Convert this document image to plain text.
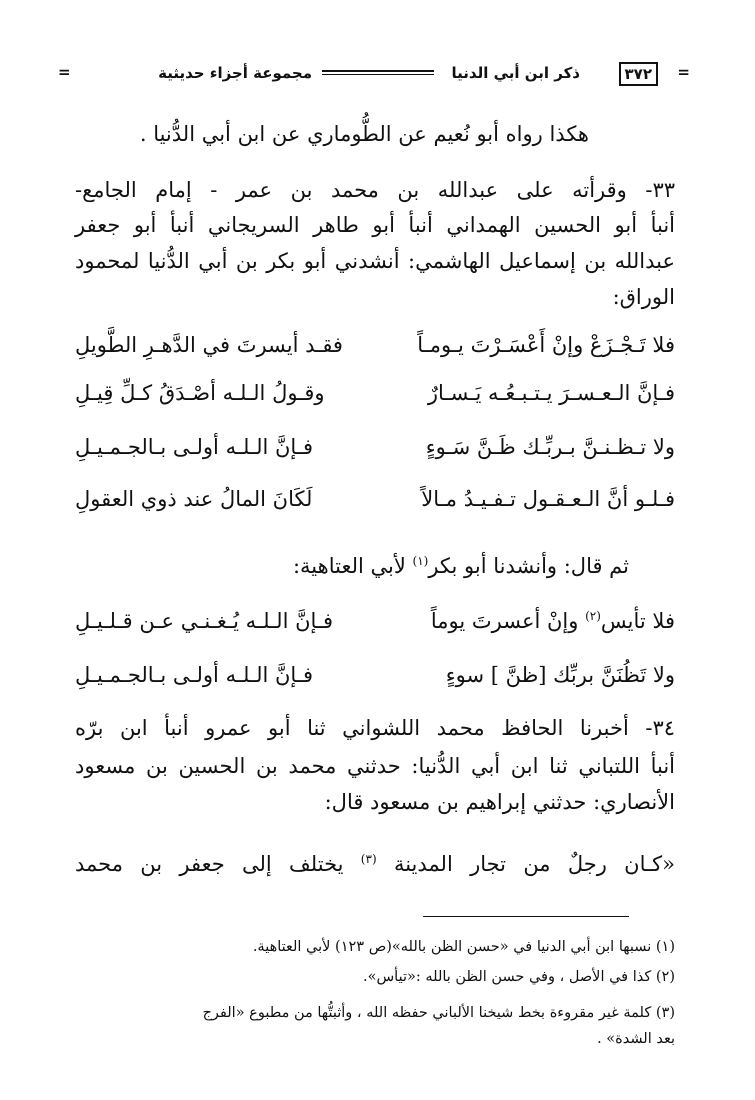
=
٣٧٢
ذكر ابن أبي الدنيا
مجموعة أجزاء حديثية
=
هكذا رواه أبو نُعيم عن الطُّوماري عن ابن أبي الدُّنيا .
٣٣- وقرأته على عبدالله بن محمد بن عمر - إمام الجامع-
أنبأ أبو الحسين الهمداني أنبأ أبو طاهر السريجاني أنبأ أبو جعفر
عبدالله بن إسماعيل الهاشمي: أنشدني أبو بكر بن أبي الدُّنيا لمحمود
الوراق:
فلا تَـجْـزَعْ وإنْ أَعْسَـرْتَ يـومـاً
فقـد أيسرتَ في الدَّهـرِ الطَّويلِ
فـإنَّ الـعـسـرَ يـتـبـعُـه يَـسـارٌ
وقـولُ الـلـه أصْـدَقُ كـلِّ قِيـلِ
ولا تـظـنـنَّ بـربِّـك ظَـنَّ سَـوءٍ
فـإنَّ الـلـه أولـى بـالجـمـيـلِ
فـلـو أنَّ الـعـقـول تـفـيـدُ مـالاً
لَكَانَ المالُ عند ذوي العقولِ
ثم قال: وأنشدنا أبو بكر$^{(١)}$ لأبي العتاهية:
فلا تأيس$^{(٢)}$ وإنْ أعسرتَ يوماً
فـإنَّ الـلـه يُـغـنـي عـن قـلـيـلِ
ولا تَظُنَنَّ بربِّك [ظنَّ ] سوءٍ
فـإنَّ الـلـه أولـى بـالجـمـيـلِ
٣٤- أخبرنا الحافظ محمد اللشواني ثنا أبو عمرو أنبأ ابن برّه
أنبأ اللتباني ثنا ابن أبي الدُّنيا: حدثني محمد بن الحسين بن مسعود
الأنصاري: حدثني إبراهيم بن مسعود قال:
«كـان رجلٌ من تجار المدينة $^{(٣)}$ يختلف إلى جعفر بن محمد
(١) نسبها ابن أبي الدنيا في «حسن الظن بالله»(ص ١٢٣) لأبي العتاهية.
(٢) كذا في الأصل ، وفي حسن الظن بالله :«تيأس».
(٣) كلمة غير مقروءة بخط شيخنا الألباني حفظه الله ، وأثبتُّها من مطبوع «الفرج
بعد الشدة» .
